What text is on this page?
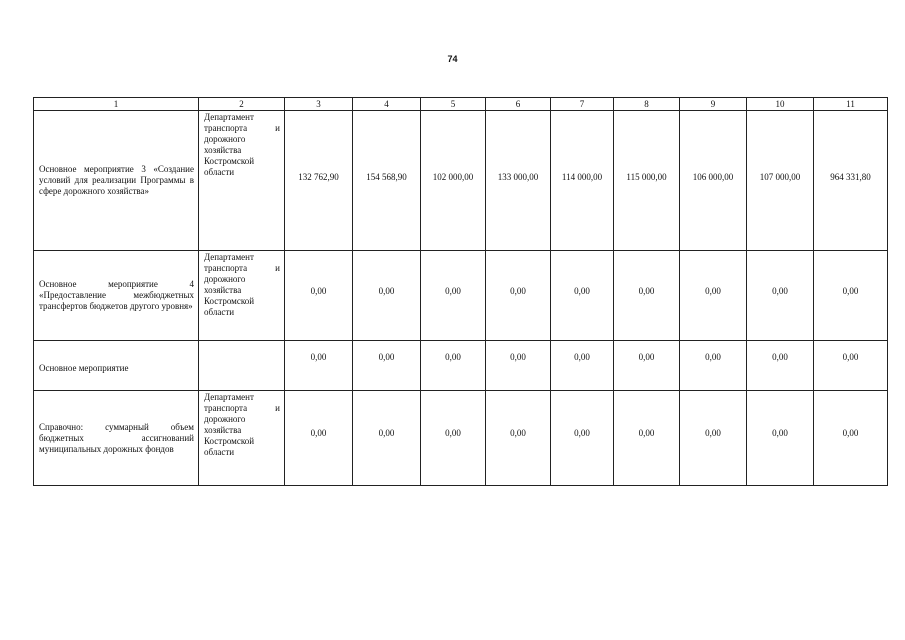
74
1	2	3	4	5	6	7	8	9	10	11
Основное мероприятие 3 «Создание условий для реализации Программы в сфере дорожного хозяйства»	Департамент транспорта и дорожного хозяйства Костромской области	132 762,90	154 568,90	102 000,00	133 000,00	114 000,00	115 000,00	106 000,00	107 000,00	964 331,80

Основное мероприятие 4 «Предоставление межбюджетных трансфертов бюджетов другого уровня»	Департамент транспорта и дорожного хозяйства Костромской области	0,00	0,00	0,00	0,00	0,00	0,00	0,00	0,00	0,00

Основное мероприятие		0,00	0,00	0,00	0,00	0,00	0,00	0,00	0,00	0,00

Справочно: суммарный объем бюджетных ассигнований муниципальных дорожных фондов	Департамент транспорта и дорожного хозяйства Костромской области	0,00	0,00	0,00	0,00	0,00	0,00	0,00	0,00	0,00
